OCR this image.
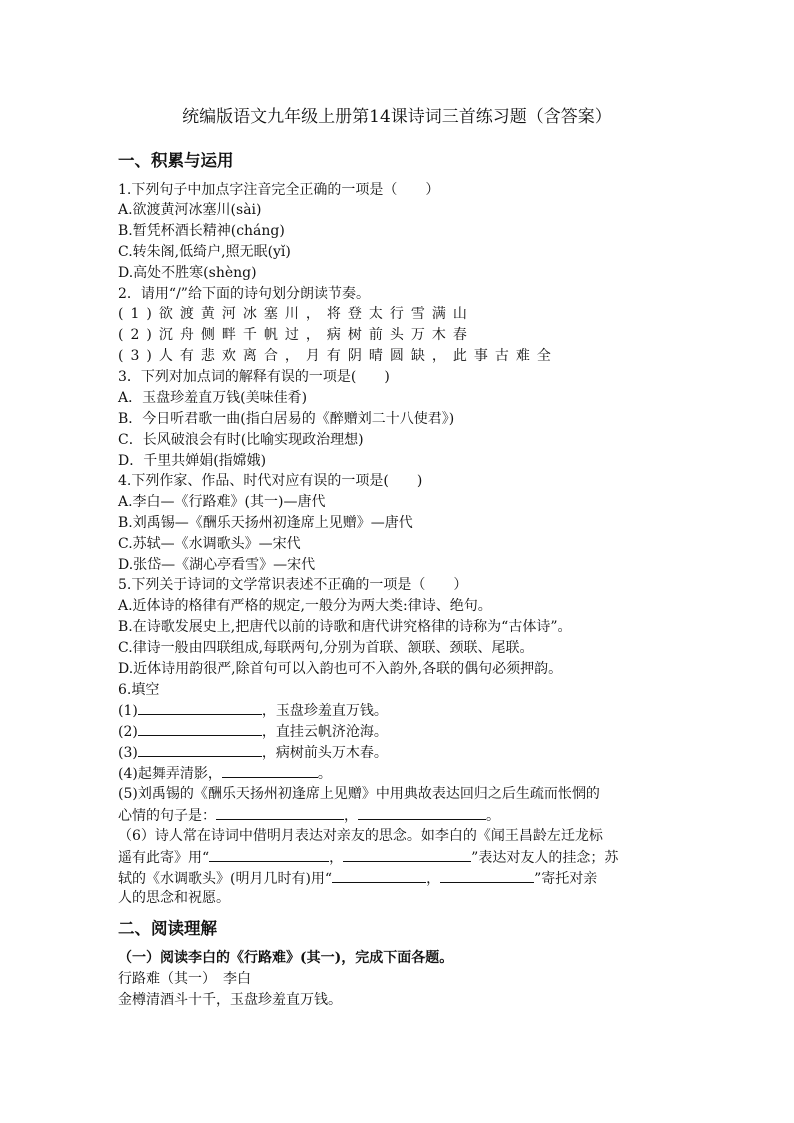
统编版语文九年级上册第14课诗词三首练习题（含答案）
一、积累与运用
1.下列句子中加点字注音完全正确的一项是（　　）
A.欲渡黄河冰塞川(sài)
B.暂凭杯酒长精神(cháng)
C.转朱阁,低绮户,照无眠(yǐ)
D.高处不胜寒(shèng)
2．请用“/”给下面的诗句划分朗读节奏。
(1)欲渡黄河冰塞川，将登太行雪满山
(2)沉舟侧畔千帆过，病树前头万木春
(3)人有悲欢离合，月有阴晴圆缺，此事古难全
3．下列对加点词的解释有误的一项是(　　)
A．玉盘珍羞直万钱(美味佳肴)
B．今日听君歌一曲(指白居易的《醉赠刘二十八使君》)
C．长风破浪会有时(比喻实现政治理想)
D．千里共婵娟(指嫦娥)
4.下列作家、作品、时代对应有误的一项是(　　)
A.李白—《行路难》(其一)—唐代
B.刘禹锡—《酬乐天扬州初逢席上见赠》—唐代
C.苏轼—《水调歌头》—宋代
D.张岱—《湖心亭看雪》—宋代
5.下列关于诗词的文学常识表述不正确的一项是（　　）
A.近体诗的格律有严格的规定,一般分为两大类:律诗、绝句。
B.在诗歌发展史上,把唐代以前的诗歌和唐代讲究格律的诗称为“古体诗”。
C.律诗一般由四联组成,每联两句,分别为首联、颔联、颈联、尾联。
D.近体诗用韵很严,除首句可以入韵也可不入韵外,各联的偶句必须押韵。
6.填空
(1)	，玉盘珍羞直万钱。
(2)	，直挂云帆济沧海。
(3)	，病树前头万木春。
(4)起舞弄清影，	。
(5)刘禹锡的《酬乐天扬州初逢席上见赠》中用典故表达回归之后生疏而怅惘的
心情的句子是：	，	。
（6）诗人常在诗词中借明月表达对亲友的思念。如李白的《闻王昌龄左迁龙标
遥有此寄》用“	，	”表达对友人的挂念；苏
轼的《水调歌头》(明月几时有)用“	，	”寄托对亲
人的思念和祝愿。
二、阅读理解
（一）阅读李白的《行路难》(其一)，完成下面各题。
行路难（其一）　李白
金樽清酒斗十千，玉盘珍羞直万钱。
